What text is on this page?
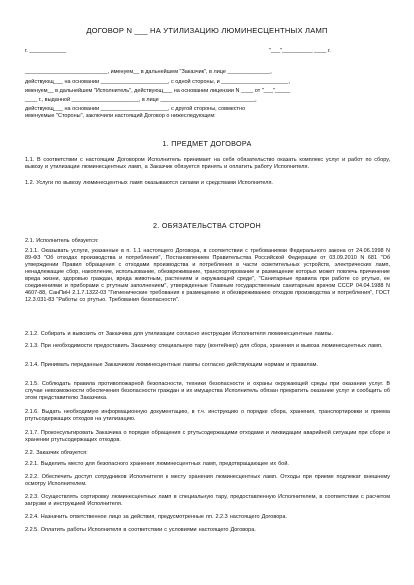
ДОГОВОР N ___ НА УТИЛИЗАЦИЮ ЛЮМИНЕСЦЕНТНЫХ ЛАМП
г. ____________	"___"__________ ____ г.
___________________________, именуем__ в дальнейшем "Заказчик", в лице ______________,
действующ___ на основании ______________________, с одной стороны, и ______________________,
именуем__ в дальнейшем "Исполнитель", действующ___ на основании лицензии N ____ от "___"_____
____ г., выданной ______________________, в лице _______________________________,
действующ___ на основании ______________________, с другой стороны, совместно
именуемые "Стороны", заключили настоящий Договор о нижеследующем:
1. ПРЕДМЕТ ДОГОВОРА
1.1. В соответствии с настоящим Договором Исполнитель принимает на себя обязательство оказать комплекс услуг и работ по сбору, вывозу и утилизации люминесцентных ламп, а Заказчик обязуется принять и оплатить работу Исполнителя.
1.2. Услуги по вывозу люминесцентных ламп оказываются силами и средствами Исполнителя.
2. ОБЯЗАТЕЛЬСТВА СТОРОН
2.1. Исполнитель обязуется:
2.1.1. Оказывать услуги, указанные в п. 1.1 настоящего Договора, в соответствии с требованиями Федерального закона от 24.06.1998 N 89-ФЗ "Об отходах производства и потребления", Постановлением Правительства Российской Федерации от 03.09.2010 N 681 "Об утверждении Правил обращения с отходами производства и потребления в части осветительных устройств, электрических ламп, ненадлежащие сбор, накопление, использование, обезвреживание, транспортирование и размещение которых может повлечь причинение вреда жизни, здоровью граждан, вреда животным, растениям и окружающей среде", "Санитарные правила при работе со ртутью, ее соединениями и приборами с ртутным заполнением", утвержденные Главным государственным санитарным врачом СССР 04.04.1988 N 4607-88, СанПиН 2.1.7.1322-03 "Гигиенические требования к размещению и обезвреживанию отходов производства и потребления", ГОСТ 12.3.031-83 "Работы со ртутью. Требования безопасности".
2.1.2. Собирать и вывозить от Заказчика для утилизации согласно инструкции Исполнителя люминесцентные лампы.
2.1.3. При необходимости предоставить Заказчику специальную тару (контейнер) для сбора, хранения и вывоза люминесцентных ламп.
2.1.4. Принимать переданные Заказчиком люминесцентные лампы согласно действующим нормам и правилам.
2.1.5. Соблюдать правила противопожарной безопасности, техники безопасности и охраны окружающей среды при оказании услуг. В случае невозможности обеспечения безопасности граждан и их имущества Исполнитель обязан прекратить оказание услуг и сообщить об этом представителю Заказчика.
2.1.6. Выдать необходимую информационную документацию, в т.ч. инструкцию о порядке сбора, хранения, транспортировки и приема ртутьсодержащих отходов на утилизацию.
2.1.7. Проконсультировать Заказчика о порядке обращения с ртутьсодержащими отходами и ликвидации аварийной ситуации при сборе и хранении ртутьсодержащих отходов.
2.2. Заказчик обязуется:
2.2.1. Выделить место для безопасного хранения люминесцентных ламп, предотвращающее их бой.
2.2.2. Обеспечить доступ сотрудников Исполнителя к месту хранения люминесцентных ламп. Отходы при приеме подлежат внешнему осмотру Исполнителем.
2.2.3. Осуществлять сортировку люминесцентных ламп в специальную тару, предоставленную Исполнителем, в соответствии с расчетом загрузки и инструкцией Исполнителя.
2.2.4. Назначить ответственное лицо за действия, предусмотренные пп. 2.2.3 настоящего Договора.
2.2.5. Оплатить работы Исполнителя в соответствии с условиями настоящего Договора.
